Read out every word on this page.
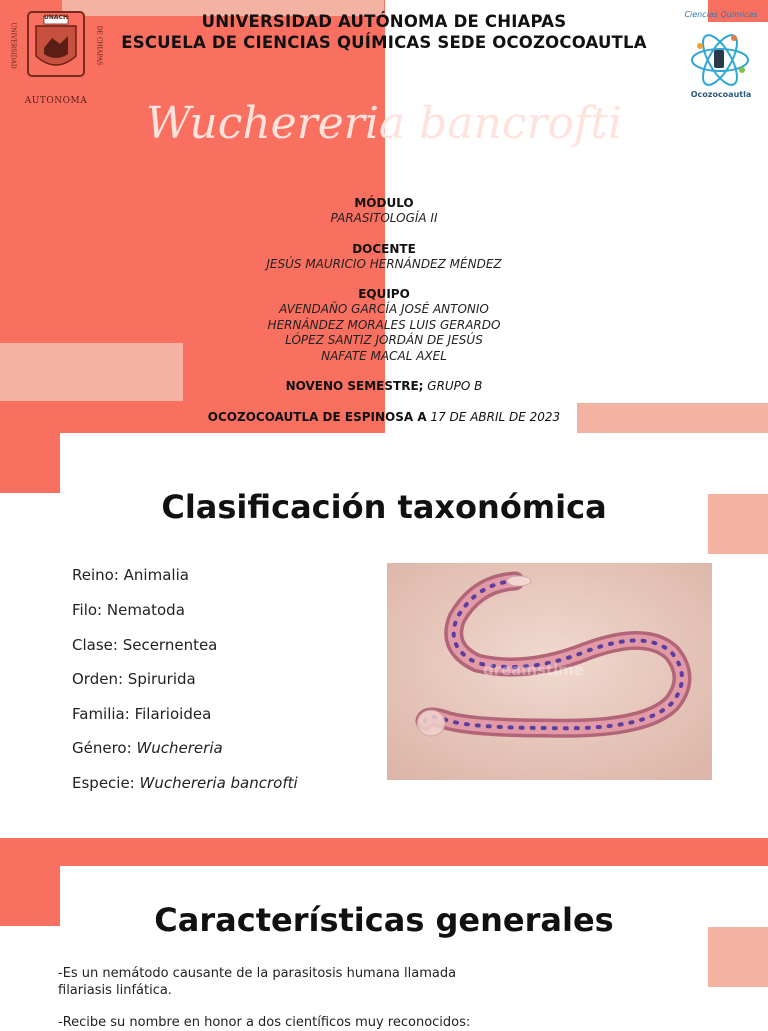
UNACH
AUTONOMA
UNIVERSIDAD	DE CHIAPAS
UNIVERSIDAD AUTÓNOMA DE CHIAPAS
ESCUELA DE CIENCIAS QUÍMICAS SEDE OCOZOCOAUTLA
Ciencias Químicas
Ocozocoautla
Wuchereria bancrofti
MÓDULO
PARASITOLOGÍA II
DOCENTE
JESÚS MAURICIO HERNÁNDEZ MÉNDEZ
EQUIPO
AVENDAÑO GARCÍA JOSÉ ANTONIO
HERNÁNDEZ MORALES LUIS GERARDO
LÓPEZ SANTIZ JORDÁN DE JESÚS
NAFATE MACAL AXEL
NOVENO SEMESTRE; GRUPO B
OCOZOCOAUTLA DE ESPINOSA A 17 DE ABRIL DE 2023
Clasificación taxonómica
Reino: Animalia
Filo: Nematoda
Clase: Secernentea
Orden: Spirurida
Familia: Filarioidea
Género: Wuchereria
Especie: Wuchereria bancrofti
dreamstime
Características generales
-Es un nemátodo causante de la parasitosis humana llamada filariasis linfática.
-Recibe su nombre en honor a dos científicos muy reconocidos:
